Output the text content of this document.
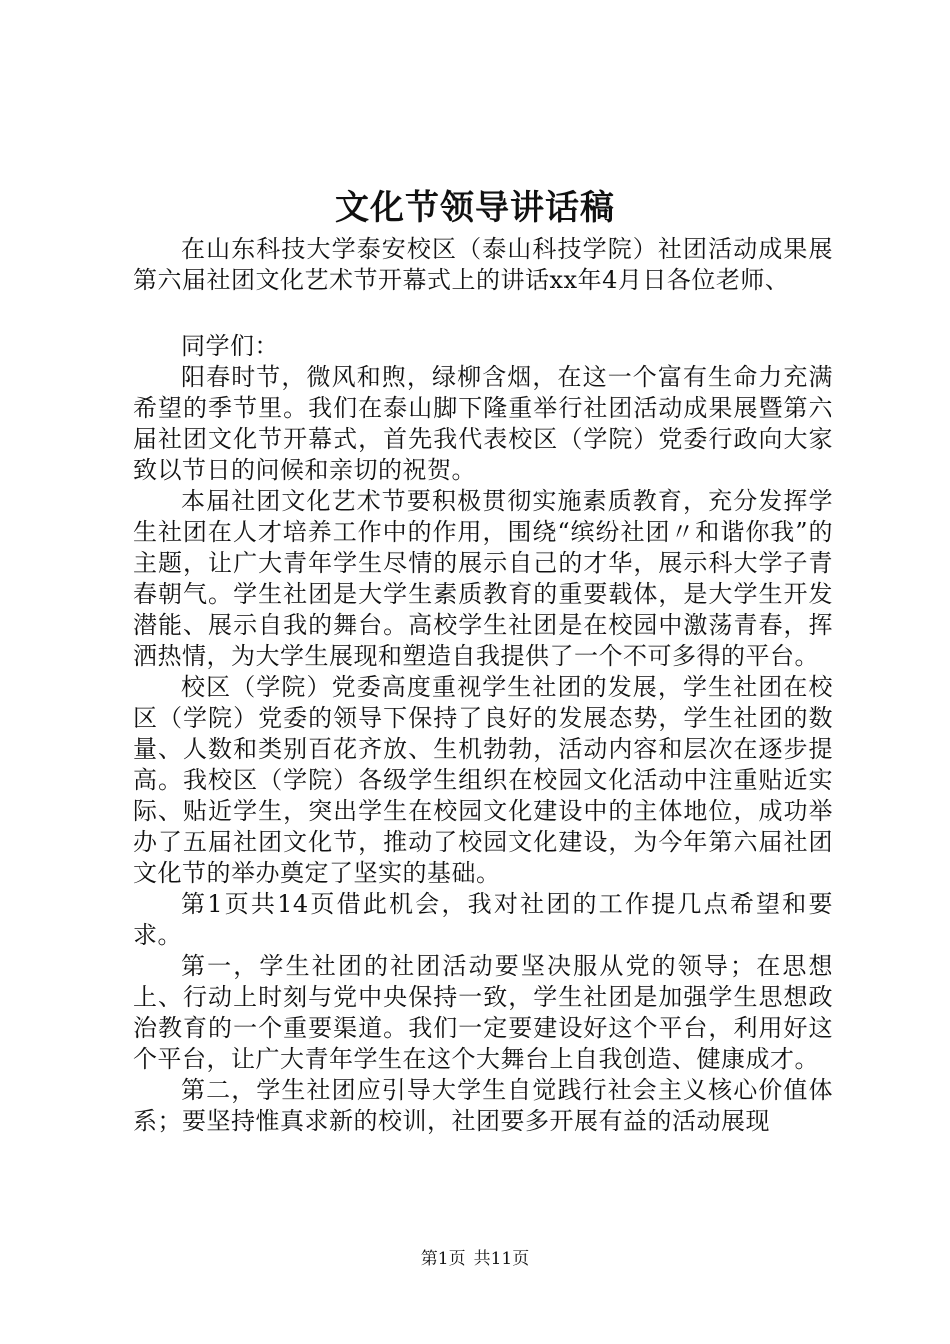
文化节领导讲话稿

在山东科技大学泰安校区（泰山科技学院）社团活动成果展第六届社团文化艺术节开幕式上的讲话xx年4月日各位老师、

同学们：

阳春时节，微风和煦，绿柳含烟，在这一个富有生命力充满希望的季节里。我们在泰山脚下隆重举行社团活动成果展暨第六届社团文化节开幕式，首先我代表校区（学院）党委行政向大家致以节日的问候和亲切的祝贺。

本届社团文化艺术节要积极贯彻实施素质教育，充分发挥学生社团在人才培养工作中的作用，围绕“缤纷社团〃和谐你我”的主题，让广大青年学生尽情的展示自己的才华，展示科大学子青春朝气。学生社团是大学生素质教育的重要载体，是大学生开发潜能、展示自我的舞台。高校学生社团是在校园中激荡青春，挥洒热情，为大学生展现和塑造自我提供了一个不可多得的平台。

校区（学院）党委高度重视学生社团的发展，学生社团在校区（学院）党委的领导下保持了良好的发展态势，学生社团的数量、人数和类别百花齐放、生机勃勃，活动内容和层次在逐步提高。我校区（学院）各级学生组织在校园文化活动中注重贴近实际、贴近学生，突出学生在校园文化建设中的主体地位，成功举办了五届社团文化节，推动了校园文化建设，为今年第六届社团文化节的举办奠定了坚实的基础。

第1页共14页借此机会，我对社团的工作提几点希望和要求。

第一，学生社团的社团活动要坚决服从党的领导；在思想上、行动上时刻与党中央保持一致，学生社团是加强学生思想政治教育的一个重要渠道。我们一定要建设好这个平台，利用好这个平台，让广大青年学生在这个大舞台上自我创造、健康成才。

第二，学生社团应引导大学生自觉践行社会主义核心价值体系；要坚持惟真求新的校训，社团要多开展有益的活动展现

第1页 共11页
